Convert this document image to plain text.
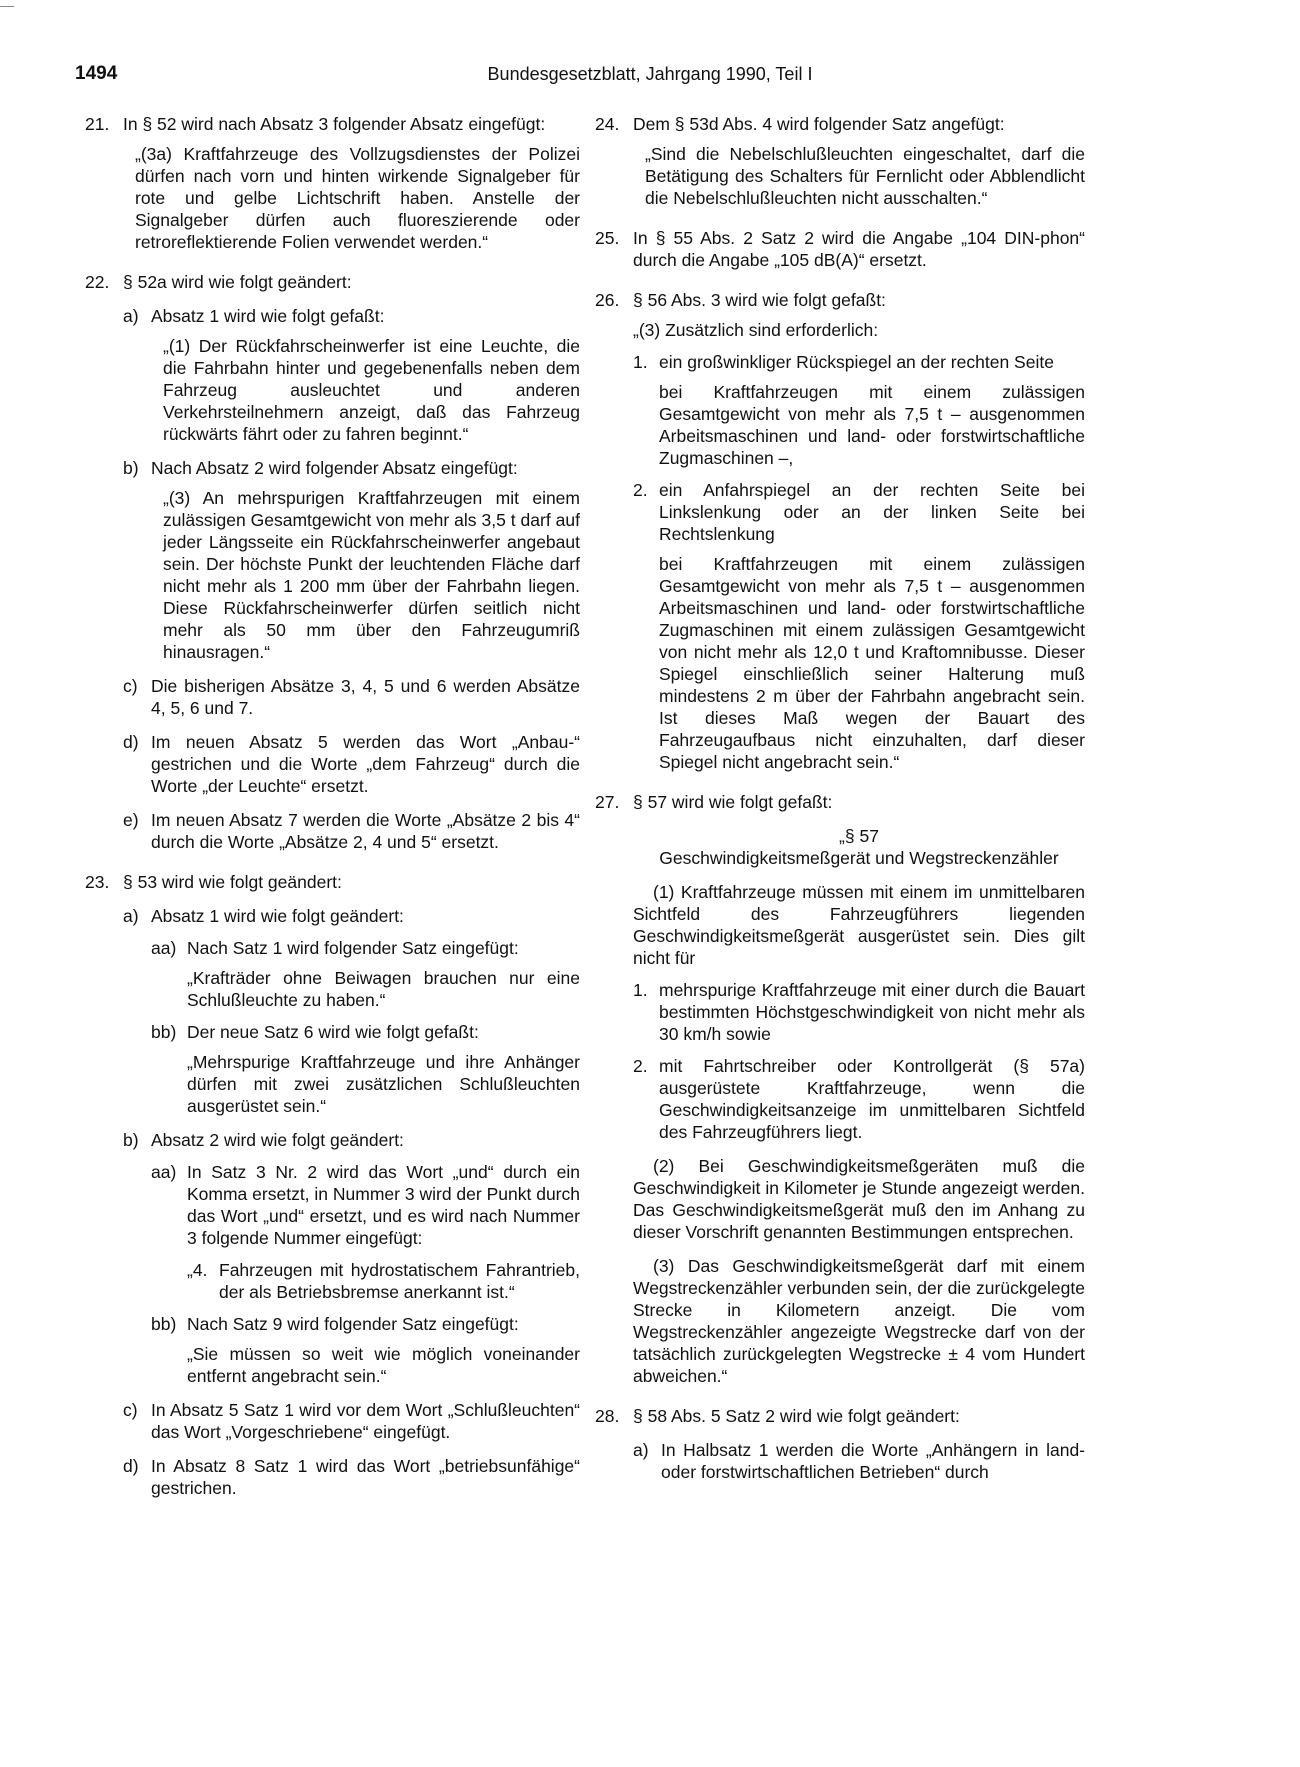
1494	Bundesgesetzblatt, Jahrgang 1990, Teil I
21. In § 52 wird nach Absatz 3 folgender Absatz eingefügt:
„(3a) Kraftfahrzeuge des Vollzugsdienstes der Polizei dürfen nach vorn und hinten wirkende Signalgeber für rote und gelbe Lichtschrift haben. Anstelle der Signalgeber dürfen auch fluoreszierende oder retroreflektierende Folien verwendet werden.“
22. § 52a wird wie folgt geändert:
a) Absatz 1 wird wie folgt gefaßt:
„(1) Der Rückfahrscheinwerfer ist eine Leuchte, die die Fahrbahn hinter und gegebenenfalls neben dem Fahrzeug ausleuchtet und anderen Verkehrsteilnehmern anzeigt, daß das Fahrzeug rückwärts fährt oder zu fahren beginnt.“
b) Nach Absatz 2 wird folgender Absatz eingefügt:
„(3) An mehrspurigen Kraftfahrzeugen mit einem zulässigen Gesamtgewicht von mehr als 3,5 t darf auf jeder Längsseite ein Rückfahrscheinwerfer angebaut sein. Der höchste Punkt der leuchtenden Fläche darf nicht mehr als 1 200 mm über der Fahrbahn liegen. Diese Rückfahrscheinwerfer dürfen seitlich nicht mehr als 50 mm über den Fahrzeugumriß hinausragen.“
c) Die bisherigen Absätze 3, 4, 5 und 6 werden Absätze 4, 5, 6 und 7.
d) Im neuen Absatz 5 werden das Wort „Anbau-“ gestrichen und die Worte „dem Fahrzeug“ durch die Worte „der Leuchte“ ersetzt.
e) Im neuen Absatz 7 werden die Worte „Absätze 2 bis 4“ durch die Worte „Absätze 2, 4 und 5“ ersetzt.
23. § 53 wird wie folgt geändert:
a) Absatz 1 wird wie folgt geändert:
aa) Nach Satz 1 wird folgender Satz eingefügt:
„Krafträder ohne Beiwagen brauchen nur eine Schlußleuchte zu haben.“
bb) Der neue Satz 6 wird wie folgt gefaßt:
„Mehrspurige Kraftfahrzeuge und ihre Anhänger dürfen mit zwei zusätzlichen Schlußleuchten ausgerüstet sein.“
b) Absatz 2 wird wie folgt geändert:
aa) In Satz 3 Nr. 2 wird das Wort „und“ durch ein Komma ersetzt, in Nummer 3 wird der Punkt durch das Wort „und“ ersetzt, und es wird nach Nummer 3 folgende Nummer eingefügt:
„4. Fahrzeugen mit hydrostatischem Fahrantrieb, der als Betriebsbremse anerkannt ist.“
bb) Nach Satz 9 wird folgender Satz eingefügt:
„Sie müssen so weit wie möglich voneinander entfernt angebracht sein.“
c) In Absatz 5 Satz 1 wird vor dem Wort „Schlußleuchten“ das Wort „Vorgeschriebene“ eingefügt.
d) In Absatz 8 Satz 1 wird das Wort „betriebsunfähige“ gestrichen.
24. Dem § 53d Abs. 4 wird folgender Satz angefügt:
„Sind die Nebelschlußleuchten eingeschaltet, darf die Betätigung des Schalters für Fernlicht oder Abblendlicht die Nebelschlußleuchten nicht ausschalten.“
25. In § 55 Abs. 2 Satz 2 wird die Angabe „104 DIN-phon“ durch die Angabe „105 dB(A)“ ersetzt.
26. § 56 Abs. 3 wird wie folgt gefaßt:
„(3) Zusätzlich sind erforderlich:
1. ein großwinkliger Rückspiegel an der rechten Seite
bei Kraftfahrzeugen mit einem zulässigen Gesamtgewicht von mehr als 7,5 t – ausgenommen Arbeitsmaschinen und land- oder forstwirtschaftliche Zugmaschinen –,
2. ein Anfahrspiegel an der rechten Seite bei Linkslenkung oder an der linken Seite bei Rechtslenkung
bei Kraftfahrzeugen mit einem zulässigen Gesamtgewicht von mehr als 7,5 t – ausgenommen Arbeitsmaschinen und land- oder forstwirtschaftliche Zugmaschinen mit einem zulässigen Gesamtgewicht von nicht mehr als 12,0 t und Kraftomnibusse. Dieser Spiegel einschließlich seiner Halterung muß mindestens 2 m über der Fahrbahn angebracht sein. Ist dieses Maß wegen der Bauart des Fahrzeugaufbaus nicht einzuhalten, darf dieser Spiegel nicht angebracht sein.“
27. § 57 wird wie folgt gefaßt:
„§ 57
Geschwindigkeitsmeßgerät und Wegstreckenzähler
(1) Kraftfahrzeuge müssen mit einem im unmittelbaren Sichtfeld des Fahrzeugführers liegenden Geschwindigkeitsmeßgerät ausgerüstet sein. Dies gilt nicht für
1. mehrspurige Kraftfahrzeuge mit einer durch die Bauart bestimmten Höchstgeschwindigkeit von nicht mehr als 30 km/h sowie
2. mit Fahrtschreiber oder Kontrollgerät (§ 57a) ausgerüstete Kraftfahrzeuge, wenn die Geschwindigkeitsanzeige im unmittelbaren Sichtfeld des Fahrzeugführers liegt.
(2) Bei Geschwindigkeitsmeßgeräten muß die Geschwindigkeit in Kilometer je Stunde angezeigt werden. Das Geschwindigkeitsmeßgerät muß den im Anhang zu dieser Vorschrift genannten Bestimmungen entsprechen.
(3) Das Geschwindigkeitsmeßgerät darf mit einem Wegstreckenzähler verbunden sein, der die zurückgelegte Strecke in Kilometern anzeigt. Die vom Wegstreckenzähler angezeigte Wegstrecke darf von der tatsächlich zurückgelegten Wegstrecke ± 4 vom Hundert abweichen.“
28. § 58 Abs. 5 Satz 2 wird wie folgt geändert:
a) In Halbsatz 1 werden die Worte „Anhängern in land- oder forstwirtschaftlichen Betrieben“ durch
